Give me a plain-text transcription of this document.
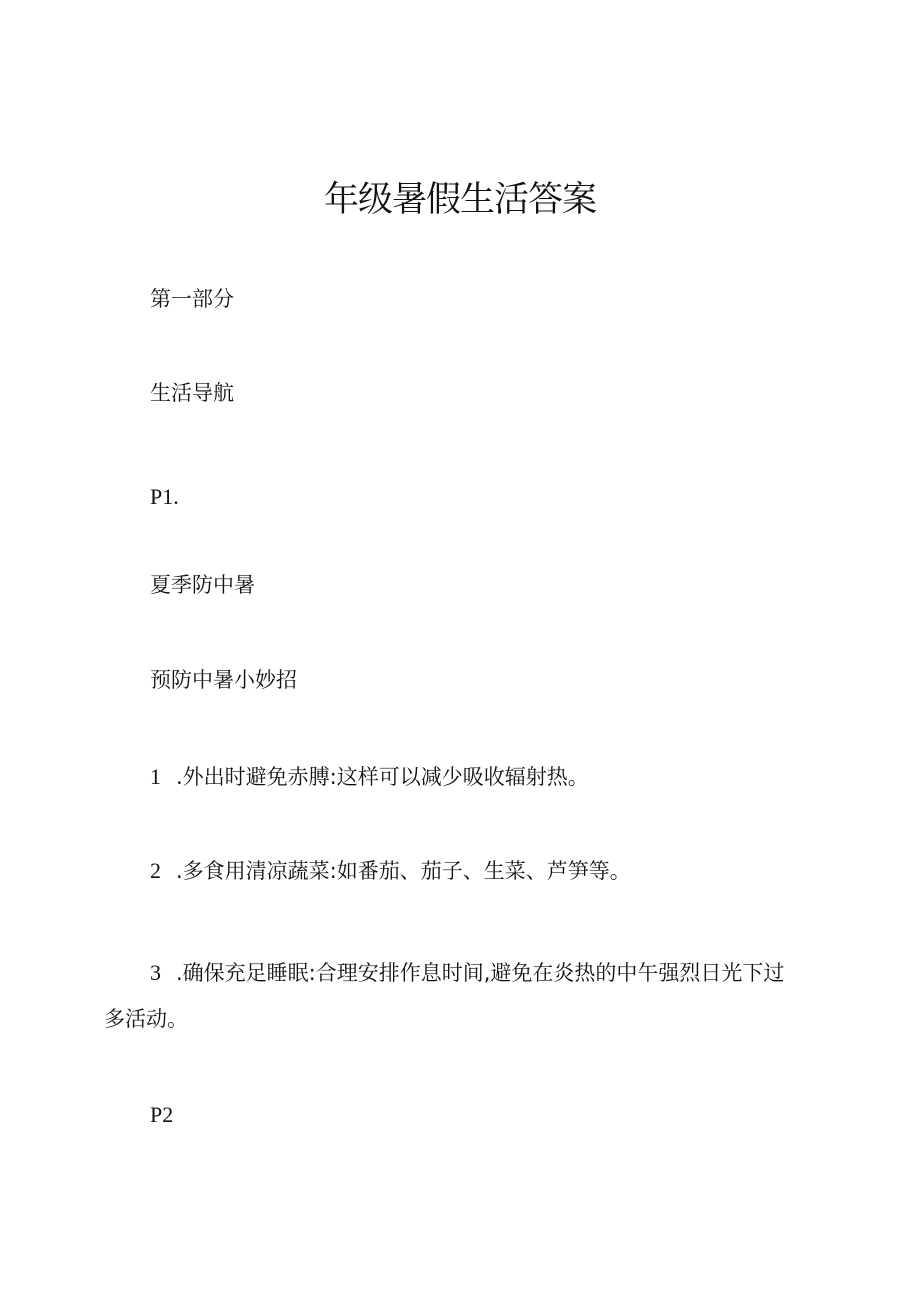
年级暑假生活答案

第一部分

生活导航

P1.

夏季防中暑

预防中暑小妙招

1 .外出时避免赤膊:这样可以减少吸收辐射热。

2 .多食用清凉蔬菜:如番茄、茄子、生菜、芦笋等。

3 .确保充足睡眠:合理安排作息时间,避免在炎热的中午强烈日光下过
多活动。

P2
